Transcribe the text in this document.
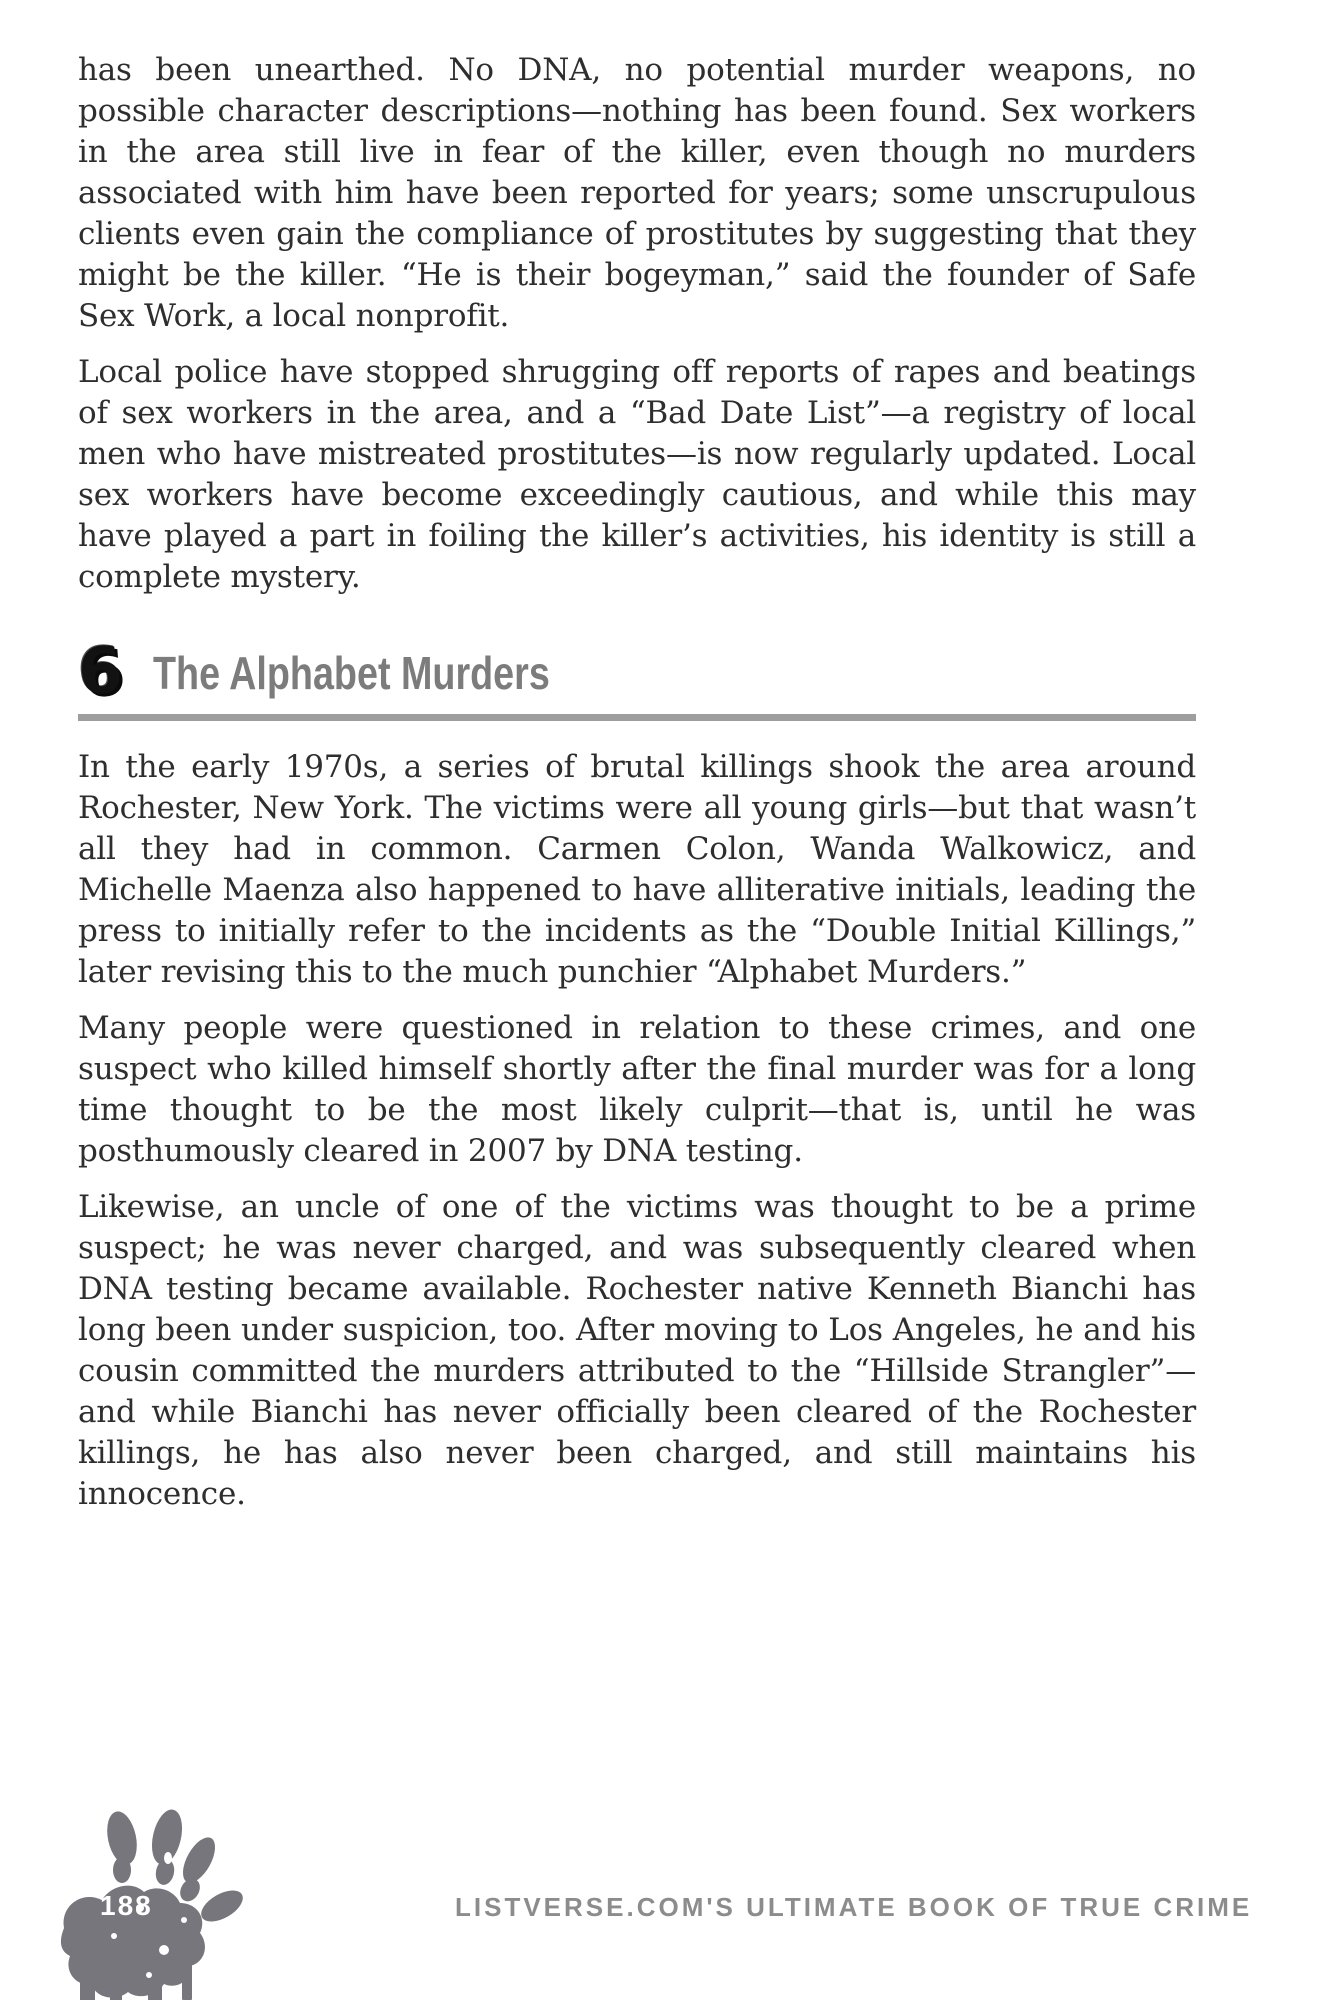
has been unearthed. No DNA, no potential murder weapons, no possible character descriptions—nothing has been found. Sex workers in the area still live in fear of the killer, even though no murders associated with him have been reported for years; some unscrupulous clients even gain the compliance of prostitutes by suggesting that they might be the killer. “He is their bogeyman,” said the founder of Safe Sex Work, a local nonprofit.

Local police have stopped shrugging off reports of rapes and beatings of sex workers in the area, and a “Bad Date List”—a registry of local men who have mistreated prostitutes—is now regularly updated. Local sex workers have become exceedingly cautious, and while this may have played a part in foiling the killer’s activities, his identity is still a complete mystery.

6 The Alphabet Murders

In the early 1970s, a series of brutal killings shook the area around Rochester, New York. The victims were all young girls—but that wasn’t all they had in common. Carmen Colon, Wanda Walkowicz, and Michelle Maenza also happened to have alliterative initials, leading the press to initially refer to the incidents as the “Double Initial Killings,” later revising this to the much punchier “Alphabet Murders.”

Many people were questioned in relation to these crimes, and one suspect who killed himself shortly after the final murder was for a long time thought to be the most likely culprit—that is, until he was posthumously cleared in 2007 by DNA testing.

Likewise, an uncle of one of the victims was thought to be a prime suspect; he was never charged, and was subsequently cleared when DNA testing became available. Rochester native Kenneth Bianchi has long been under suspicion, too. After moving to Los Angeles, he and his cousin committed the murders attributed to the “Hillside Strangler”—and while Bianchi has never officially been cleared of the Rochester killings, he has also never been charged, and still maintains his innocence.

188	LISTVERSE.COM'S ULTIMATE BOOK OF TRUE CRIME
